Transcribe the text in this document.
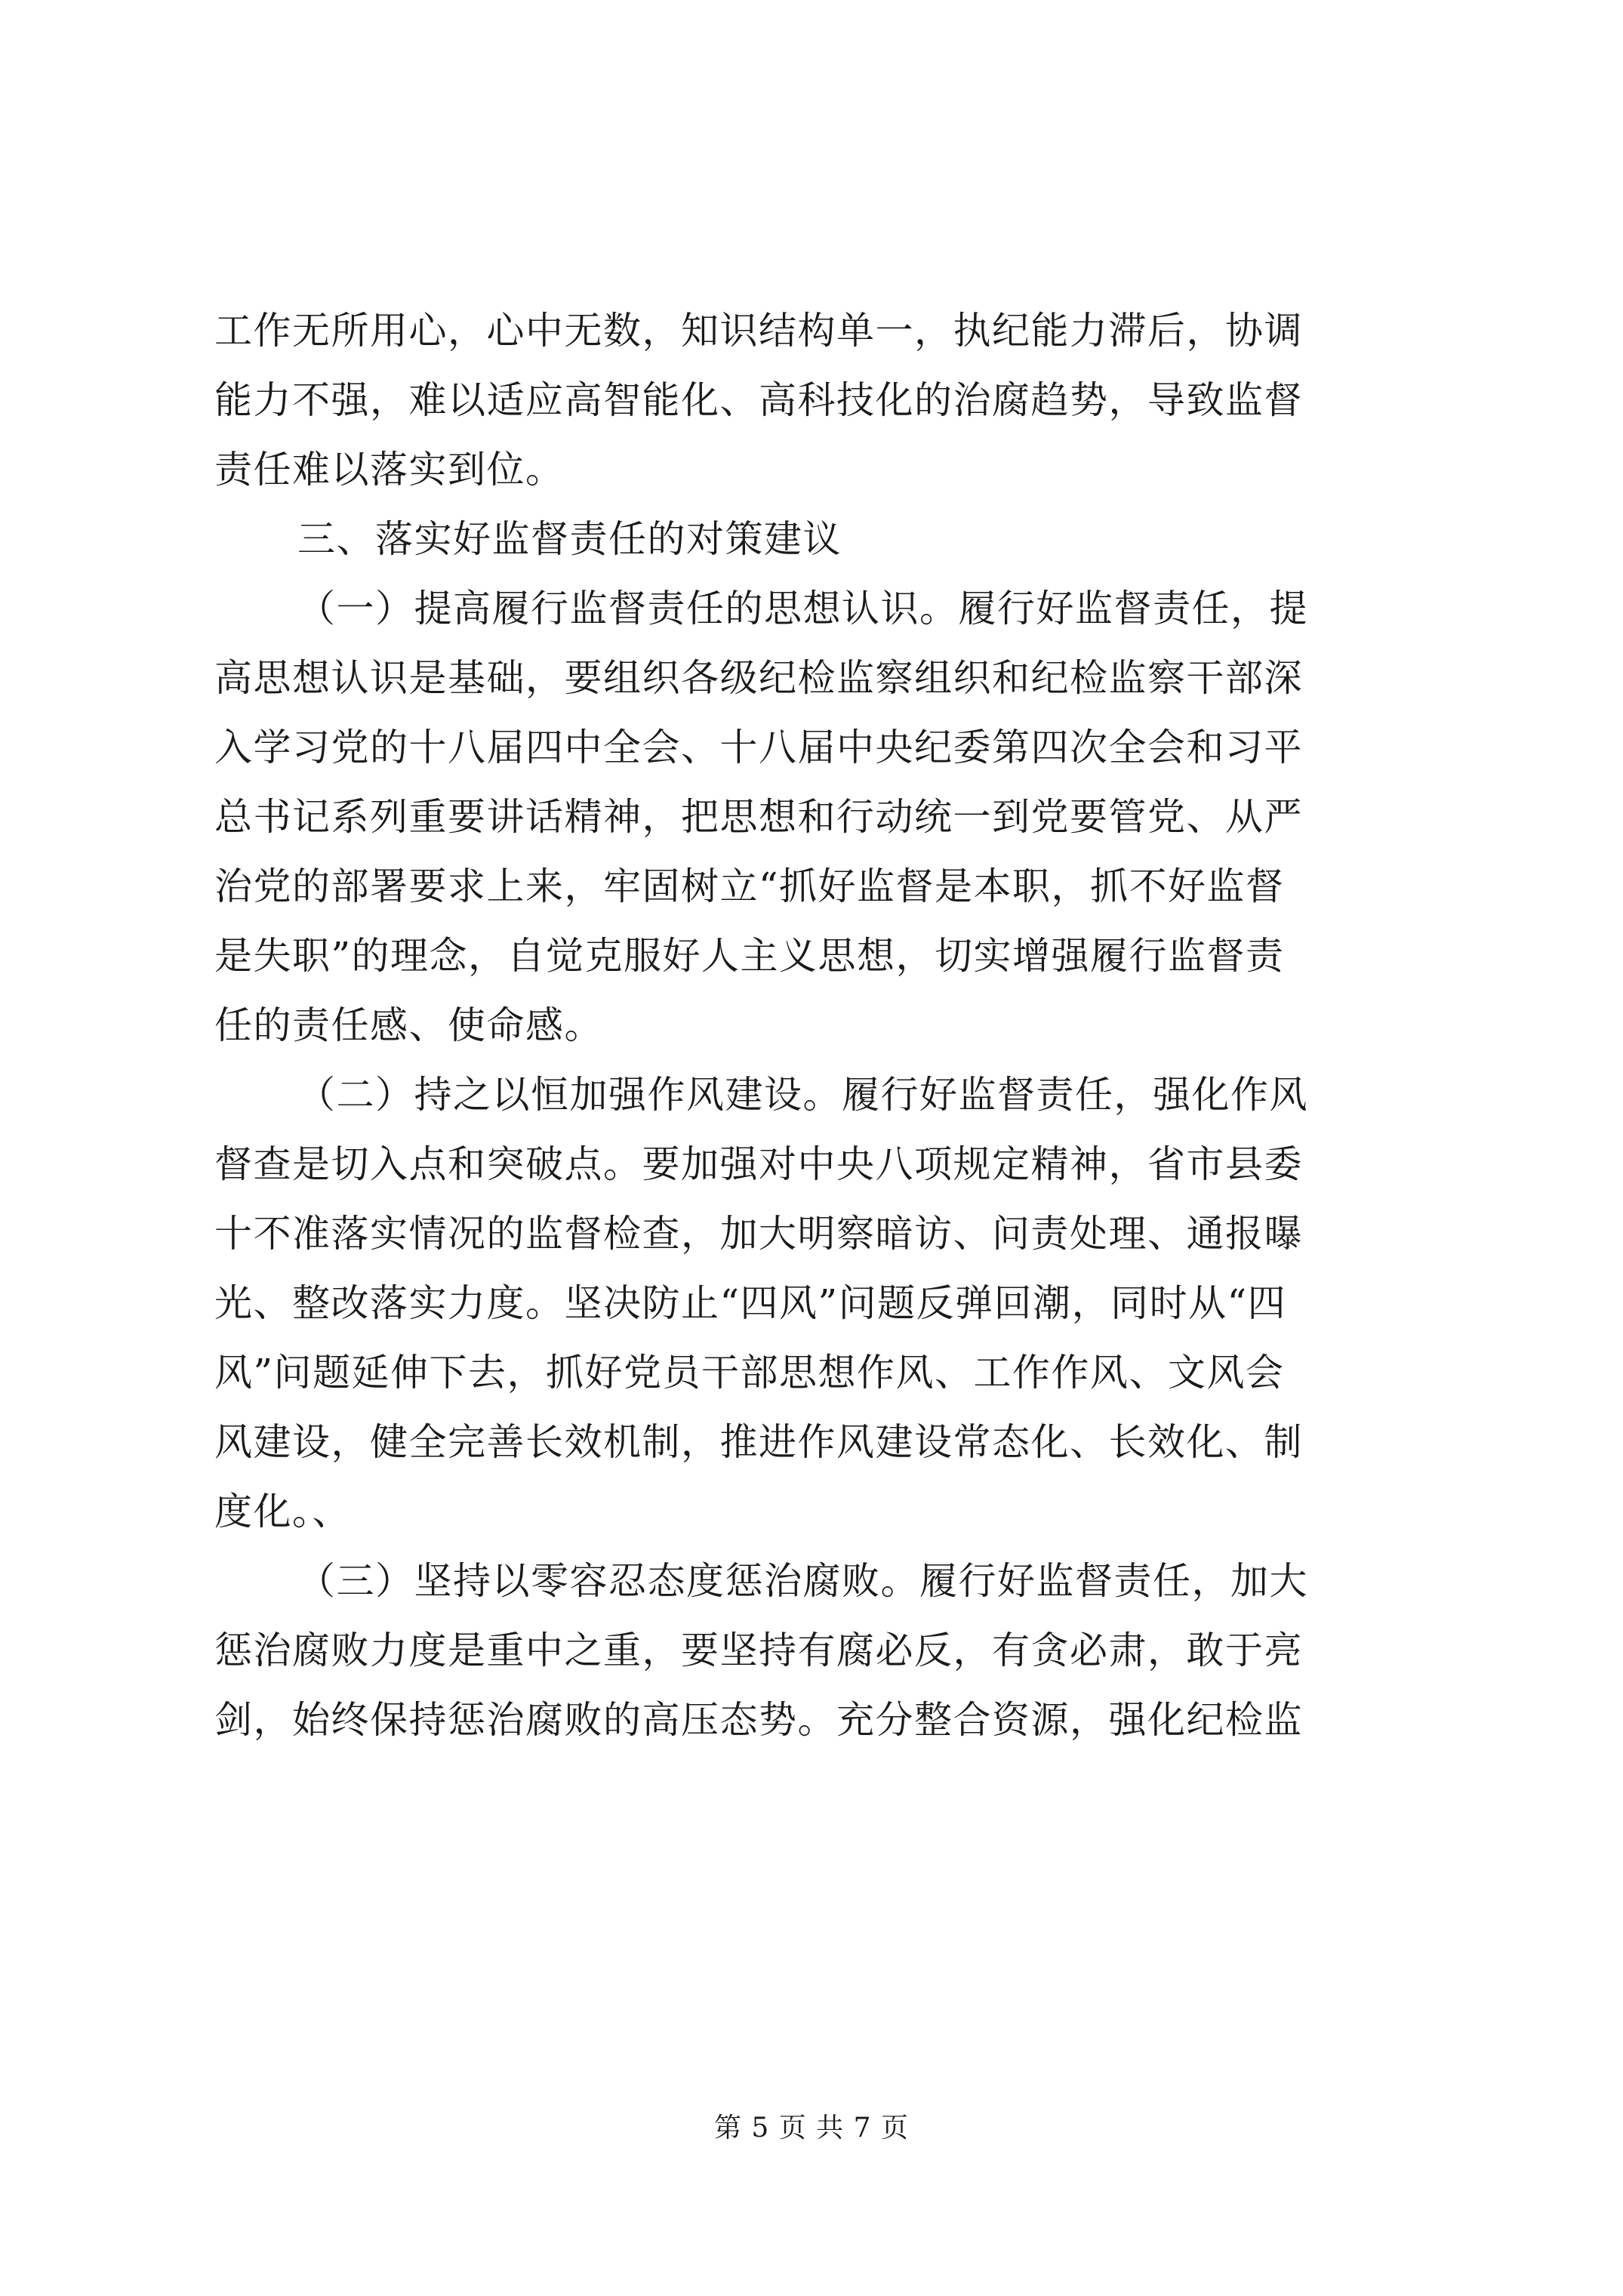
工作无所用心，心中无数，知识结构单一，执纪能力滞后，协调
能力不强，难以适应高智能化、高科技化的治腐趋势，导致监督
责任难以落实到位。
三、落实好监督责任的对策建议
（一）提高履行监督责任的思想认识。履行好监督责任，提
高思想认识是基础，要组织各级纪检监察组织和纪检监察干部深
入学习党的十八届四中全会、十八届中央纪委第四次全会和习平
总书记系列重要讲话精神，把思想和行动统一到党要管党、从严
治党的部署要求上来，牢固树立“抓好监督是本职，抓不好监督
是失职”的理念，自觉克服好人主义思想，切实增强履行监督责
任的责任感、使命感。
（二）持之以恒加强作风建设。履行好监督责任，强化作风
督查是切入点和突破点。要加强对中央八项规定精神，省市县委
十不准落实情况的监督检查，加大明察暗访、问责处理、通报曝
光、整改落实力度。坚决防止“四风”问题反弹回潮，同时从“四
风”问题延伸下去，抓好党员干部思想作风、工作作风、文风会
风建设，健全完善长效机制，推进作风建设常态化、长效化、制
度化。、
（三）坚持以零容忍态度惩治腐败。履行好监督责任，加大
惩治腐败力度是重中之重，要坚持有腐必反，有贪必肃，敢于亮
剑，始终保持惩治腐败的高压态势。充分整合资源，强化纪检监
第 5 页 共 7 页
